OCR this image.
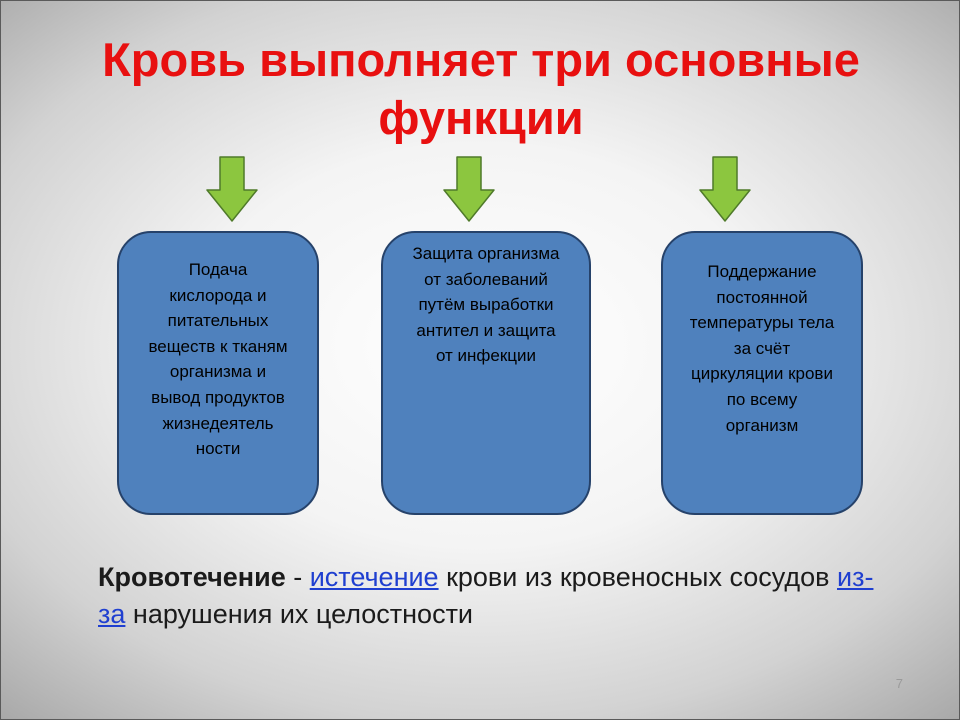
Кровь выполняет три основные функции
Подача кислорода и питательных веществ к тканям организма и вывод продуктов жизнедеятель ности
Защита организма от заболеваний путём выработки антител и защита от инфекции
Поддержание постоянной температуры тела за счёт циркуляции крови по всему организм

Кровотечение - истечение крови из кровеносных сосудов из-за нарушения их целостности

7
